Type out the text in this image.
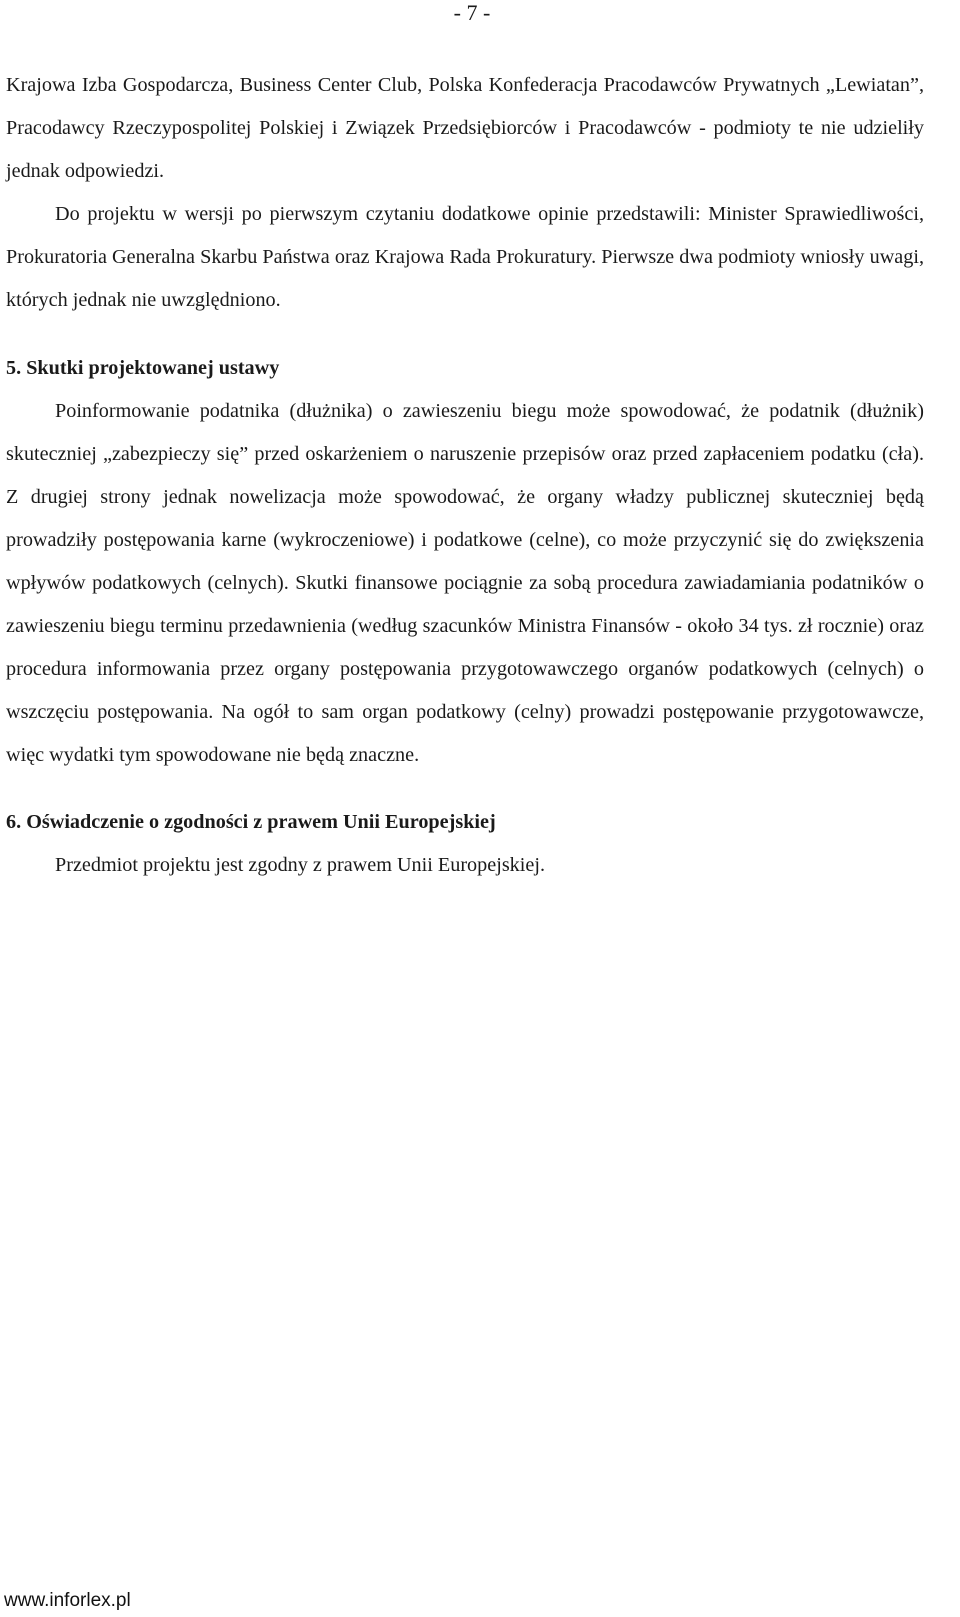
- 7 -

Krajowa Izba Gospodarcza, Business Center Club, Polska Konfederacja Pracodawców Prywatnych „Lewiatan”, Pracodawcy Rzeczypospolitej Polskiej i Związek Przedsiębiorców i Pracodawców - podmioty te nie udzieliły jednak odpowiedzi.

Do projektu w wersji po pierwszym czytaniu dodatkowe opinie przedstawili: Minister Sprawiedliwości, Prokuratoria Generalna Skarbu Państwa oraz Krajowa Rada Prokuratury. Pierwsze dwa podmioty wniosły uwagi, których jednak nie uwzględniono.

5. Skutki projektowanej ustawy

Poinformowanie podatnika (dłużnika) o zawieszeniu biegu może spowodować, że podatnik (dłużnik) skuteczniej „zabezpieczy się” przed oskarżeniem o naruszenie przepisów oraz przed zapłaceniem podatku (cła). Z drugiej strony jednak nowelizacja może spowodować, że organy władzy publicznej skuteczniej będą prowadziły postępowania karne (wykroczeniowe) i podatkowe (celne), co może przyczynić się do zwiększenia wpływów podatkowych (celnych). Skutki finansowe pociągnie za sobą procedura zawiadamiania podatników o zawieszeniu biegu terminu przedawnienia (według szacunków Ministra Finansów - około 34 tys. zł rocznie) oraz procedura informowania przez organy postępowania przygotowawczego organów podatkowych (celnych) o wszczęciu postępowania. Na ogół to sam organ podatkowy (celny) prowadzi postępowanie przygotowawcze, więc wydatki tym spowodowane nie będą znaczne.

6. Oświadczenie o zgodności z prawem Unii Europejskiej

Przedmiot projektu jest zgodny z prawem Unii Europejskiej.

www.inforlex.pl
